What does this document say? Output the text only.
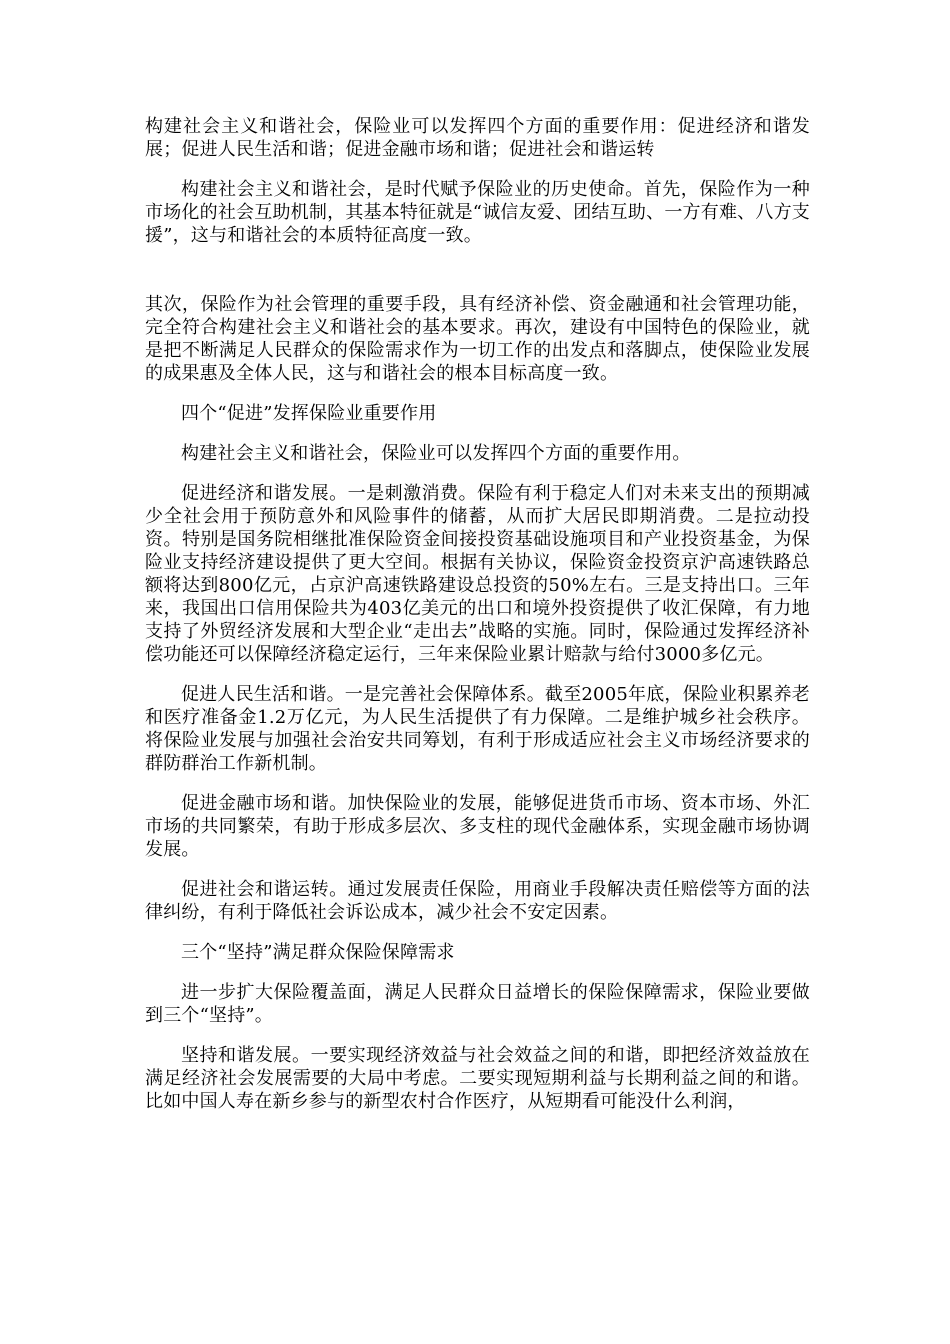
构建社会主义和谐社会，保险业可以发挥四个方面的重要作用：促进经济和谐发展；促进人民生活和谐；促进金融市场和谐；促进社会和谐运转

构建社会主义和谐社会，是时代赋予保险业的历史使命。首先，保险作为一种市场化的社会互助机制，其基本特征就是“诚信友爱、团结互助、一方有难、八方支援”，这与和谐社会的本质特征高度一致。

其次，保险作为社会管理的重要手段，具有经济补偿、资金融通和社会管理功能，完全符合构建社会主义和谐社会的基本要求。再次，建设有中国特色的保险业，就是把不断满足人民群众的保险需求作为一切工作的出发点和落脚点，使保险业发展的成果惠及全体人民，这与和谐社会的根本目标高度一致。

四个“促进”发挥保险业重要作用

构建社会主义和谐社会，保险业可以发挥四个方面的重要作用。

促进经济和谐发展。一是刺激消费。保险有利于稳定人们对未来支出的预期减少全社会用于预防意外和风险事件的储蓄，从而扩大居民即期消费。二是拉动投资。特别是国务院相继批准保险资金间接投资基础设施项目和产业投资基金，为保险业支持经济建设提供了更大空间。根据有关协议，保险资金投资京沪高速铁路总额将达到800亿元，占京沪高速铁路建设总投资的50%左右。三是支持出口。三年来，我国出口信用保险共为403亿美元的出口和境外投资提供了收汇保障，有力地支持了外贸经济发展和大型企业“走出去”战略的实施。同时，保险通过发挥经济补偿功能还可以保障经济稳定运行，三年来保险业累计赔款与给付3000多亿元。

促进人民生活和谐。一是完善社会保障体系。截至2005年底，保险业积累养老和医疗准备金1.2万亿元，为人民生活提供了有力保障。二是维护城乡社会秩序。将保险业发展与加强社会治安共同筹划，有利于形成适应社会主义市场经济要求的群防群治工作新机制。

促进金融市场和谐。加快保险业的发展，能够促进货币市场、资本市场、外汇市场的共同繁荣，有助于形成多层次、多支柱的现代金融体系，实现金融市场协调发展。

促进社会和谐运转。通过发展责任保险，用商业手段解决责任赔偿等方面的法律纠纷，有利于降低社会诉讼成本，减少社会不安定因素。

三个“坚持”满足群众保险保障需求

进一步扩大保险覆盖面，满足人民群众日益增长的保险保障需求，保险业要做到三个“坚持”。

坚持和谐发展。一要实现经济效益与社会效益之间的和谐，即把经济效益放在满足经济社会发展需要的大局中考虑。二要实现短期利益与长期利益之间的和谐。比如中国人寿在新乡参与的新型农村合作医疗，从短期看可能没什么利润，
